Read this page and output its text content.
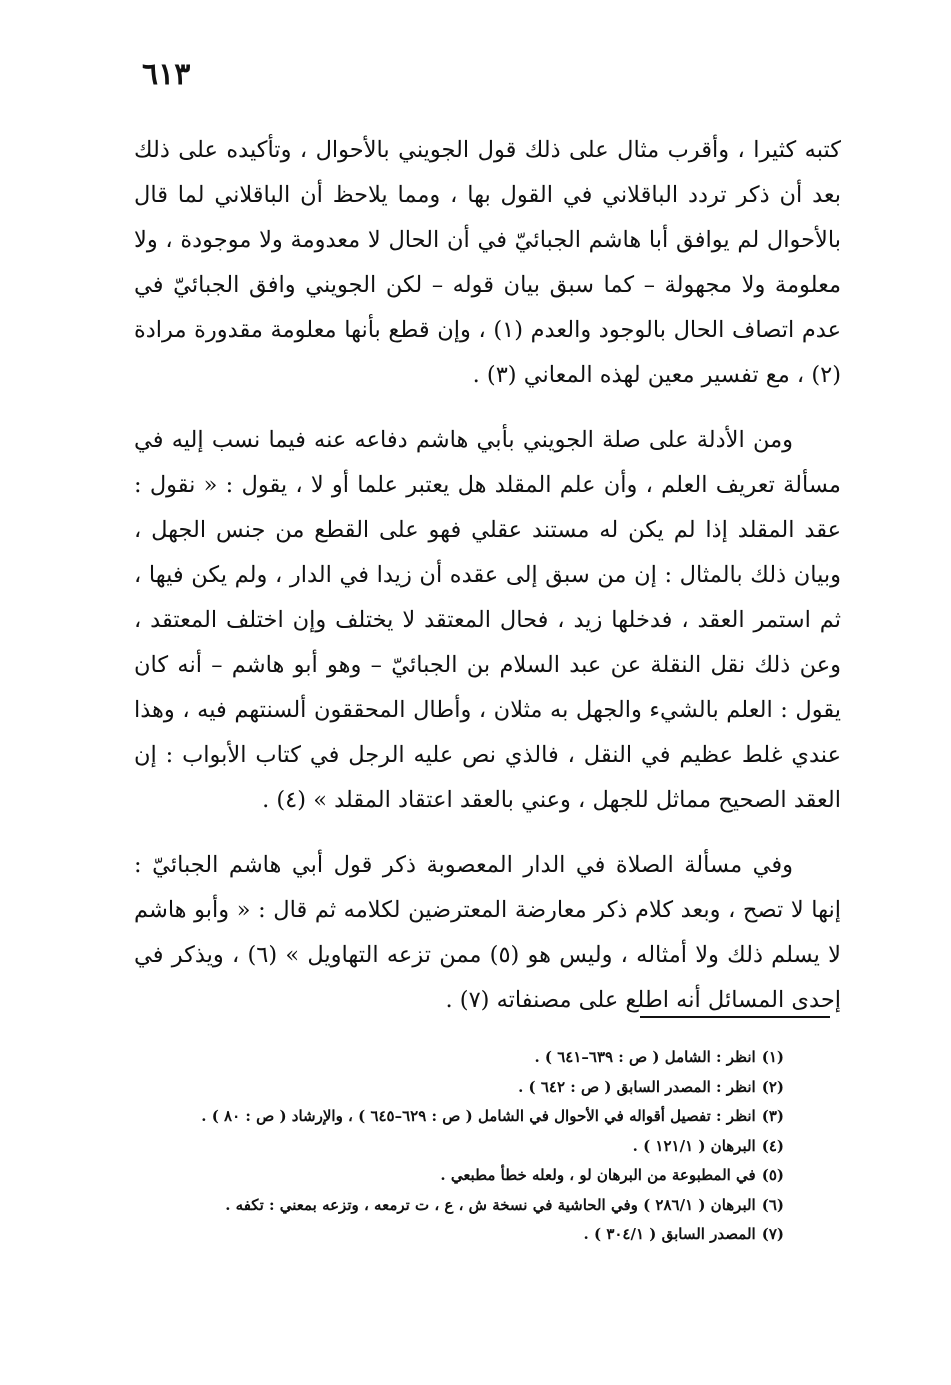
٦١٣

كتبه كثيرا ، وأقرب مثال على ذلك قول الجويني بالأحوال ، وتأكيده على ذلك بعد أن ذكر تردد الباقلاني في القول بها ، ومما يلاحظ أن الباقلاني لما قال بالأحوال لم يوافق أبا هاشم الجبائيّ في أن الحال لا معدومة ولا موجودة ، ولا معلومة ولا مجهولة – كما سبق بيان قوله – لكن الجويني وافق الجبائيّ في عدم اتصاف الحال بالوجود والعدم (١) ، وإن قطع بأنها معلومة مقدورة مرادة (٢) ، مع تفسير معين لهذه المعاني (٣) .

ومن الأدلة على صلة الجويني بأبي هاشم دفاعه عنه فيما نسب إليه في مسألة تعريف العلم ، وأن علم المقلد هل يعتبر علما أو لا ، يقول : « نقول : عقد المقلد إذا لم يكن له مستند عقلي فهو على القطع من جنس الجهل ، وبيان ذلك بالمثال : إن من سبق إلى عقده أن زيدا في الدار ، ولم يكن فيها ، ثم استمر العقد ، فدخلها زيد ، فحال المعتقد لا يختلف وإن اختلف المعتقد ، وعن ذلك نقل النقلة عن عبد السلام بن الجبائيّ – وهو أبو هاشم – أنه كان يقول : العلم بالشيء والجهل به مثلان ، وأطال المحققون ألسنتهم فيه ، وهذا عندي غلط عظيم في النقل ، فالذي نص عليه الرجل في كتاب الأبواب : إن العقد الصحيح مماثل للجهل ، وعني بالعقد اعتقاد المقلد » (٤) .

وفي مسألة الصلاة في الدار المعصوبة ذكر قول أبي هاشم الجبائيّ : إنها لا تصح ، وبعد كلام ذكر معارضة المعترضين لكلامه ثم قال : « وأبو هاشم لا يسلم ذلك ولا أمثاله ، وليس هو (٥) ممن تزعه التهاويل » (٦) ، ويذكر في إحدى المسائل أنه اطلع على مصنفاته (٧) .

(١)انظر : الشامل ( ص : ٦٣٩–٦٤١ ) .
(٢)انظر : المصدر السابق ( ص : ٦٤٢ ) .
(٣)انظر : تفصيل أقواله في الأحوال في الشامل ( ص : ٦٢٩–٦٤٥ ) ، والإرشاد ( ص : ٨٠ ) .
(٤)البرهان ( ١٢١/١ ) .
(٥)في المطبوعة من البرهان لو ، ولعله خطأ مطبعي .
(٦)البرهان ( ٢٨٦/١ ) وفي الحاشية في نسخة ش ، ع ، ت ترمعه ، وتزعه بمعني : تكفه .
(٧)المصدر السابق ( ٣٠٤/١ ) .
